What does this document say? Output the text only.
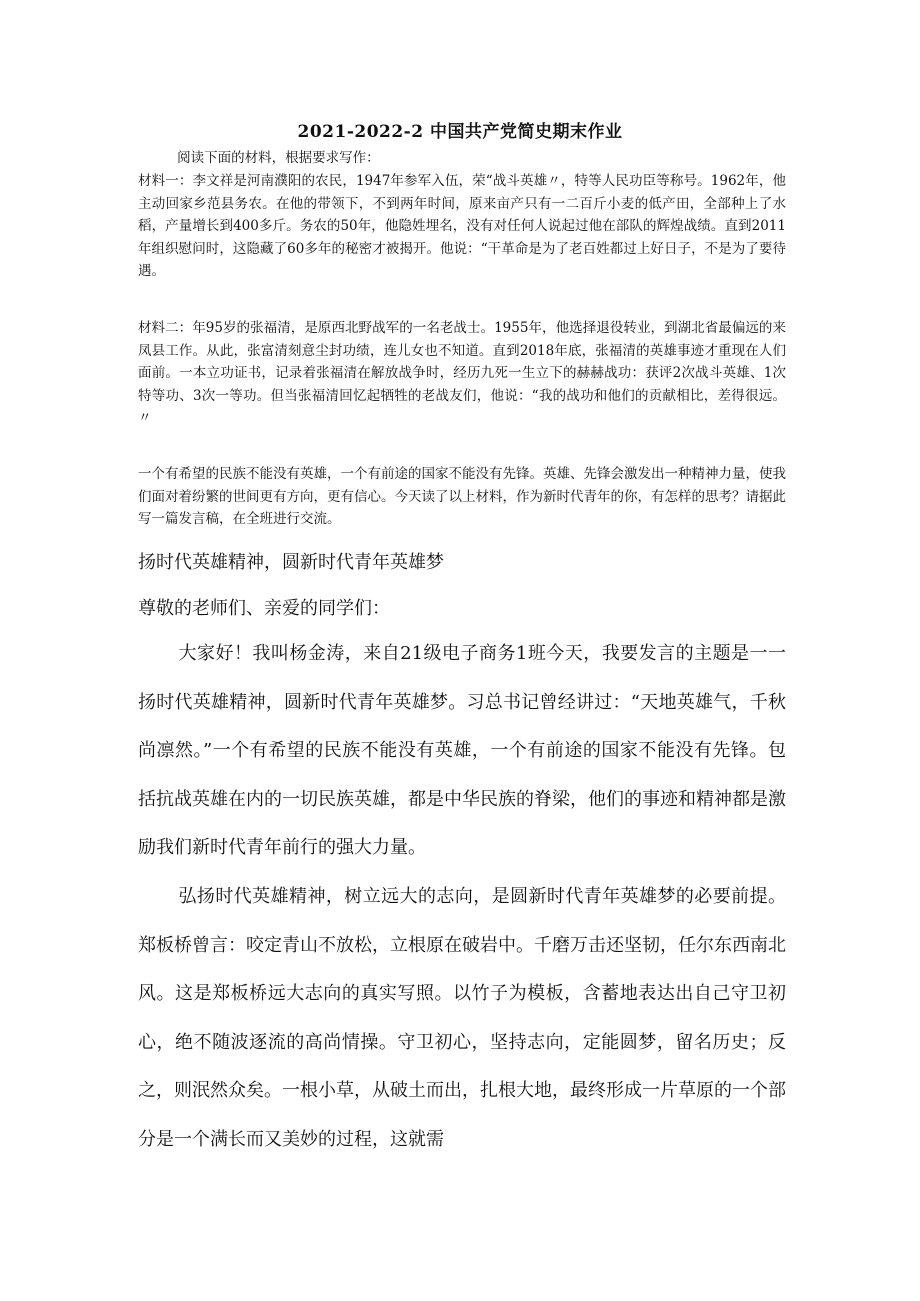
2021-2022-2 中国共产党简史期末作业

阅读下面的材料，根据要求写作：

材料一：李文祥是河南濮阳的农民，1947年参军入伍，荣“战斗英雄〃，特等人民功臣等称号。1962年，他主动回家乡范县务农。在他的带领下，不到两年时间，原来亩产只有一二百斤小麦的低产田，全部种上了水稻，产量增长到400多斤。务农的50年，他隐姓埋名，没有对任何人说起过他在部队的辉煌战绩。直到2011年组织慰问时，这隐藏了60多年的秘密才被揭开。他说：“干革命是为了老百姓都过上好日子，不是为了要待遇。

材料二：年95岁的张福清，是原西北野战军的一名老战士。1955年，他选择退役转业，到湖北省最偏远的来凤县工作。从此，张富清刻意尘封功绩，连儿女也不知道。直到2018年底，张福清的英雄事迹才重现在人们面前。一本立功证书，记录着张福清在解放战争时，经历九死一生立下的赫赫战功：获评2次战斗英雄、1次特等功、3次一等功。但当张福清回忆起牺牲的老战友们，他说：“我的战功和他们的贡献相比，差得很远。〃

一个有希望的民族不能没有英雄，一个有前途的国家不能没有先锋。英雄、先锋会激发出一种精神力量，使我们面对着纷繁的世间更有方向，更有信心。今天读了以上材料，作为新时代青年的你，有怎样的思考？请据此写一篇发言稿，在全班进行交流。

扬时代英雄精神，圆新时代青年英雄梦

尊敬的老师们、亲爱的同学们：

大家好！我叫杨金涛，来自21级电子商务1班今天，我要发言的主题是一一扬时代英雄精神，圆新时代青年英雄梦。习总书记曾经讲过：“天地英雄气，千秋尚凛然。”一个有希望的民族不能没有英雄，一个有前途的国家不能没有先锋。包括抗战英雄在内的一切民族英雄，都是中华民族的脊梁，他们的事迹和精神都是激励我们新时代青年前行的强大力量。

弘扬时代英雄精神，树立远大的志向，是圆新时代青年英雄梦的必要前提。郑板桥曾言：咬定青山不放松，立根原在破岩中。千磨万击还坚韧，任尔东西南北风。这是郑板桥远大志向的真实写照。以竹子为模板，含蓄地表达出自己守卫初心，绝不随波逐流的高尚情操。守卫初心，坚持志向，定能圆梦，留名历史；反之，则泯然众矣。一根小草，从破土而出，扎根大地，最终形成一片草原的一个部分是一个满长而又美妙的过程，这就需
